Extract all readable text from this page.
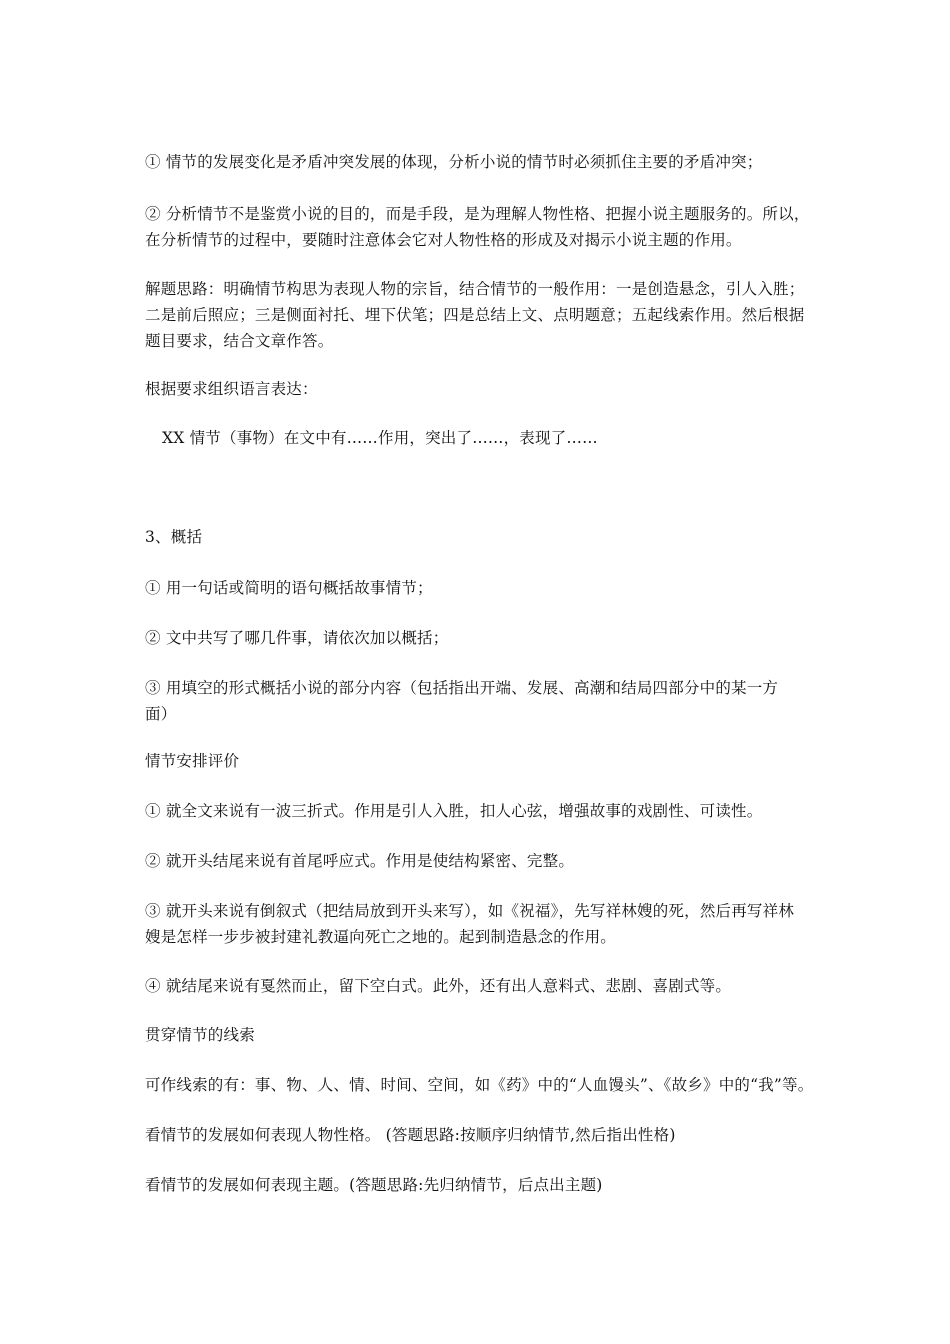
① 情节的发展变化是矛盾冲突发展的体现，分析小说的情节时必须抓住主要的矛盾冲突；

② 分析情节不是鉴赏小说的目的，而是手段，是为理解人物性格、把握小说主题服务的。所以，
在分析情节的过程中，要随时注意体会它对人物性格的形成及对揭示小说主题的作用。

解题思路：明确情节构思为表现人物的宗旨，结合情节的一般作用：一是创造悬念，引人入胜；
二是前后照应；三是侧面衬托、埋下伏笔；四是总结上文、点明题意；五起线索作用。然后根据
题目要求，结合文章作答。

根据要求组织语言表达：

XX 情节（事物）在文中有……作用，突出了……，表现了……

3、概括

① 用一句话或简明的语句概括故事情节；

② 文中共写了哪几件事，请依次加以概括；

③ 用填空的形式概括小说的部分内容（包括指出开端、发展、高潮和结局四部分中的某一方
面）

情节安排评价

① 就全文来说有一波三折式。作用是引人入胜，扣人心弦，增强故事的戏剧性、可读性。

② 就开头结尾来说有首尾呼应式。作用是使结构紧密、完整。

③ 就开头来说有倒叙式（把结局放到开头来写），如《祝福》，先写祥林嫂的死，然后再写祥林
嫂是怎样一步步被封建礼教逼向死亡之地的。起到制造悬念的作用。

④ 就结尾来说有戛然而止，留下空白式。此外，还有出人意料式、悲剧、喜剧式等。

贯穿情节的线索

可作线索的有：事、物、人、情、时间、空间，如《药》中的“人血馒头”、《故乡》中的“我”等。

看情节的发展如何表现人物性格。 (答题思路:按顺序归纳情节,然后指出性格)

看情节的发展如何表现主题。(答题思路:先归纳情节，后点出主题)
